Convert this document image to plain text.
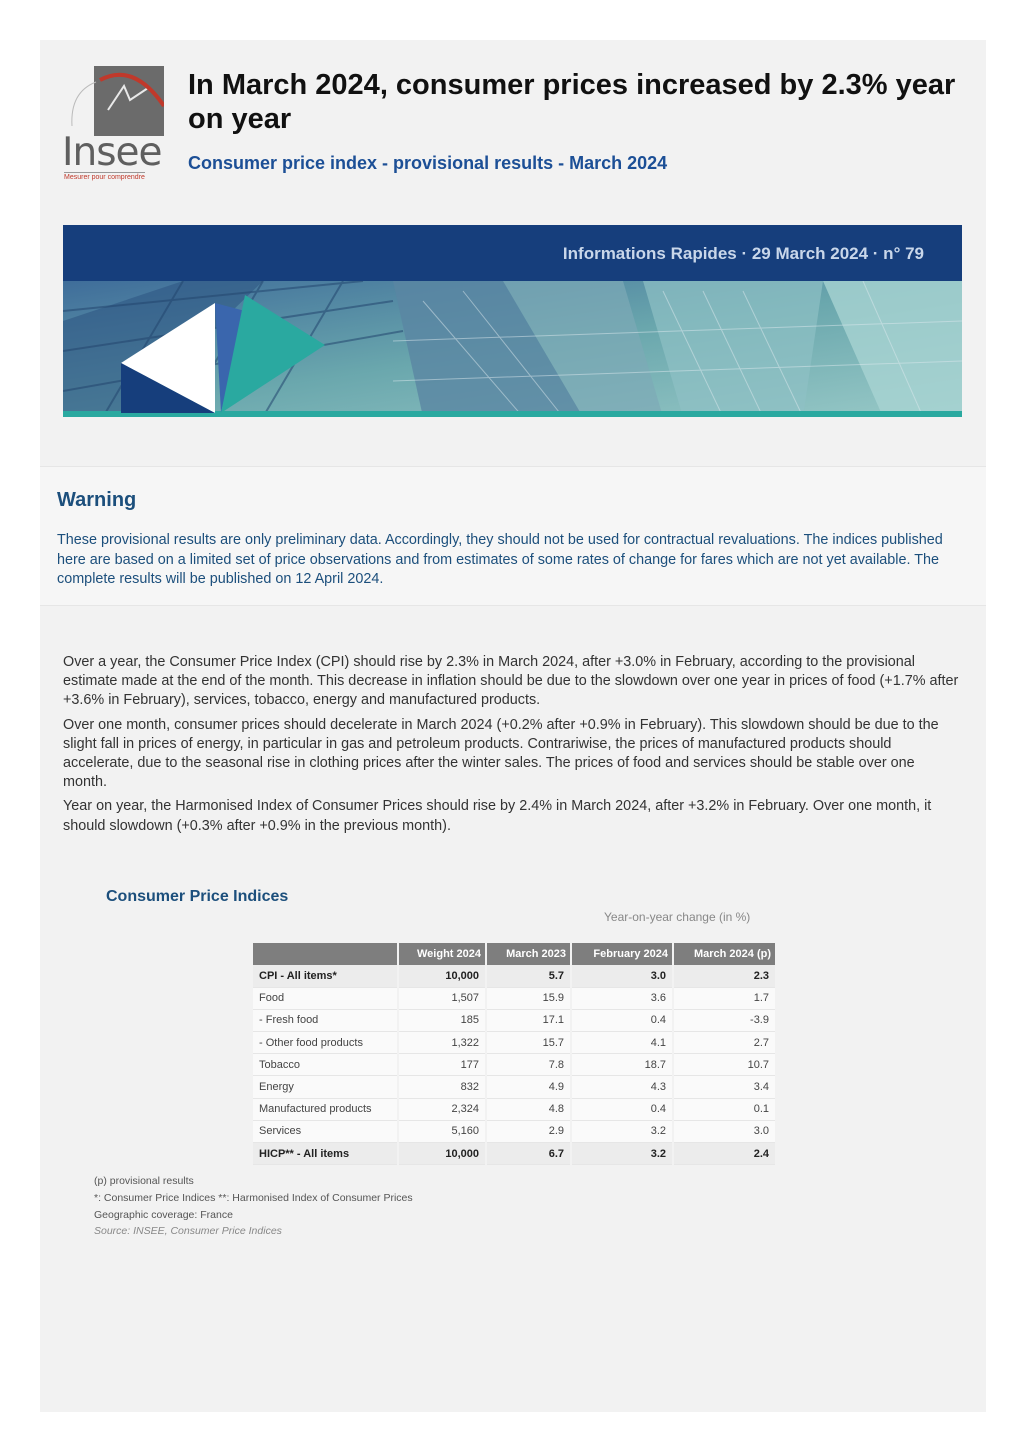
Insee
Mesurer pour comprendre
In March 2024, consumer prices increased by 2.3% year on year
Consumer price index - provisional results - March 2024
Informations Rapides · 29 March 2024 · n° 79
Warning

These provisional results are only preliminary data. Accordingly, they should not be used for contractual revaluations. The indices published here are based on a limited set of price observations and from estimates of some rates of change for fares which are not yet available. The complete results will be published on 12 April 2024.

Over a year, the Consumer Price Index (CPI) should rise by 2.3% in March 2024, after +3.0% in February, according to the provisional estimate made at the end of the month. This decrease in inflation should be due to the slowdown over one year in prices of food (+1.7% after +3.6% in February), services, tobacco, energy and manufactured products.

Over one month, consumer prices should decelerate in March 2024 (+0.2% after +0.9% in February). This slowdown should be due to the slight fall in prices of energy, in particular in gas and petroleum products. Contrariwise, the prices of manufactured products should accelerate, due to the seasonal rise in clothing prices after the winter sales. The prices of food and services should be stable over one month.

Year on year, the Harmonised Index of Consumer Prices should rise by 2.4% in March 2024, after +3.2% in February. Over one month, it should slowdown (+0.3% after +0.9% in the previous month).

Consumer Price Indices
Year-on-year change (in %)
	Weight 2024	March 2023	February 2024	March 2024 (p)
CPI - All items*	10,000	5.7	3.0	2.3
Food	1,507	15.9	3.6	1.7
- Fresh food	185	17.1	0.4	-3.9
- Other food products	1,322	15.7	4.1	2.7
Tobacco	177	7.8	18.7	10.7
Energy	832	4.9	4.3	3.4
Manufactured products	2,324	4.8	0.4	0.1
Services	5,160	2.9	3.2	3.0
HICP** - All items	10,000	6.7	3.2	2.4
(p) provisional results
*: Consumer Price Indices **: Harmonised Index of Consumer Prices
Geographic coverage: France
Source: INSEE, Consumer Price Indices
